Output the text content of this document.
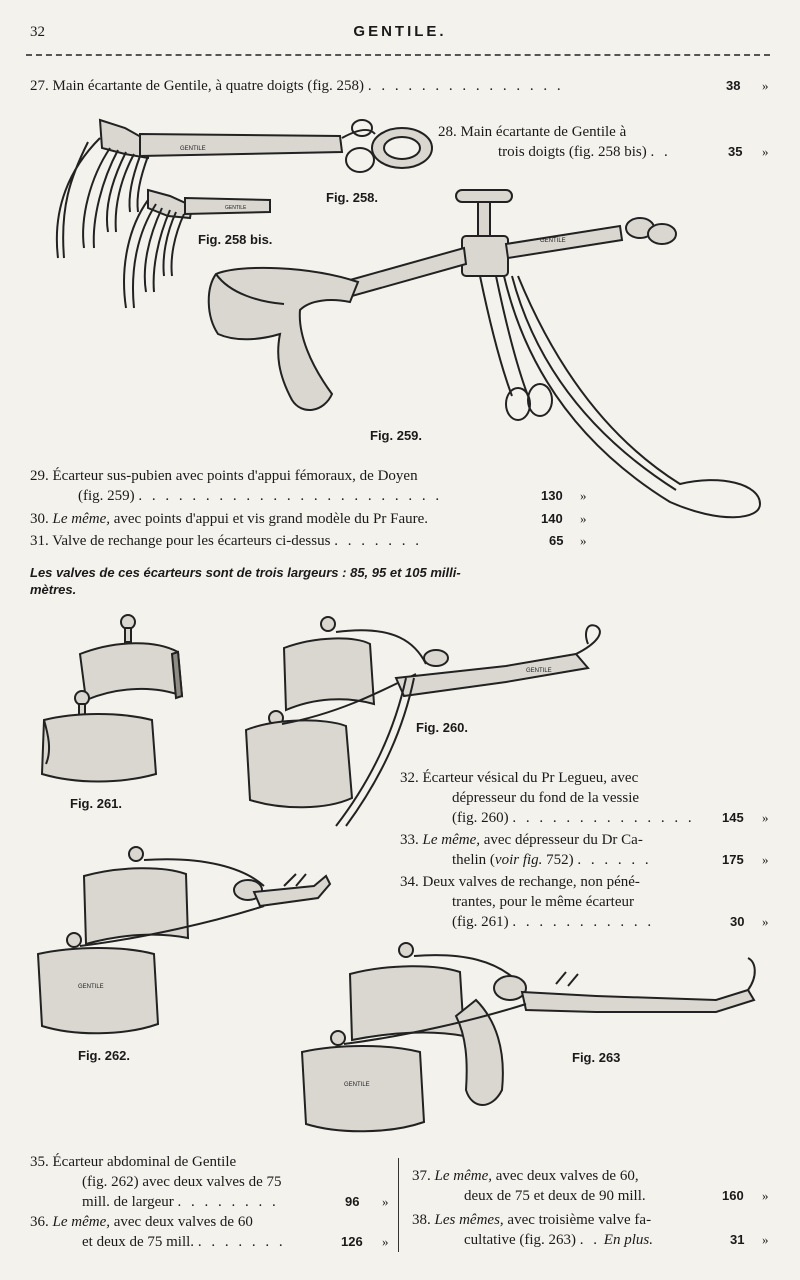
32	GENTILE.
27. Main écartante de Gentile, à quatre doigts (fig. 258) . . . . . . . . . . . . . . .	38 »
28. Main écartante de Gentile à
trois doigts (fig. 258 bis) . .	35 »
GENTILE
GENTILE
Fig. 258.
Fig. 258 bis.	GENTILE
Fig. 259.
29. Écarteur sus-pubien avec points d'appui fémoraux, de Doyen
(fig. 259) . . . . . . . . . . . . . . . . . . . . . . .	130 »
30. Le même, avec points d'appui et vis grand modèle du Pr Faure.	140 »
31. Valve de rechange pour les écarteurs ci-dessus . . . . . . .	65 »
Les valves de ces écarteurs sont de trois largeurs : 85, 95 et 105 milli-
mètres.
GENTILE
Fig. 260.
Fig. 261.
32. Écarteur vésical du Pr Legueu, avec
dépresseur du fond de la vessie
(fig. 260) . . . . . . . . . . . . . . 145 »
33. Le même, avec dépresseur du Dr Ca-
thelin (voir fig. 752) . . . . . .	175 »
34. Deux valves de rechange, non péné-
trantes, pour le même écarteur
(fig. 261) . . . . . . . . . . .	30 »
GENTILE
Fig. 262.
GENTILE
Fig. 263
35. Écarteur abdominal de Gentile
(fig. 262) avec deux valves de 75
mill. de largeur . . . . . . . .	96 »
36. Le même, avec deux valves de 60
et deux de 75 mill. . . . . . . .	126 »
37. Le même, avec deux valves de 60,
deux de 75 et deux de 90 mill.	160 »
38. Les mêmes, avec troisième valve fa-
cultative (fig. 263) . . En plus.	31 »
